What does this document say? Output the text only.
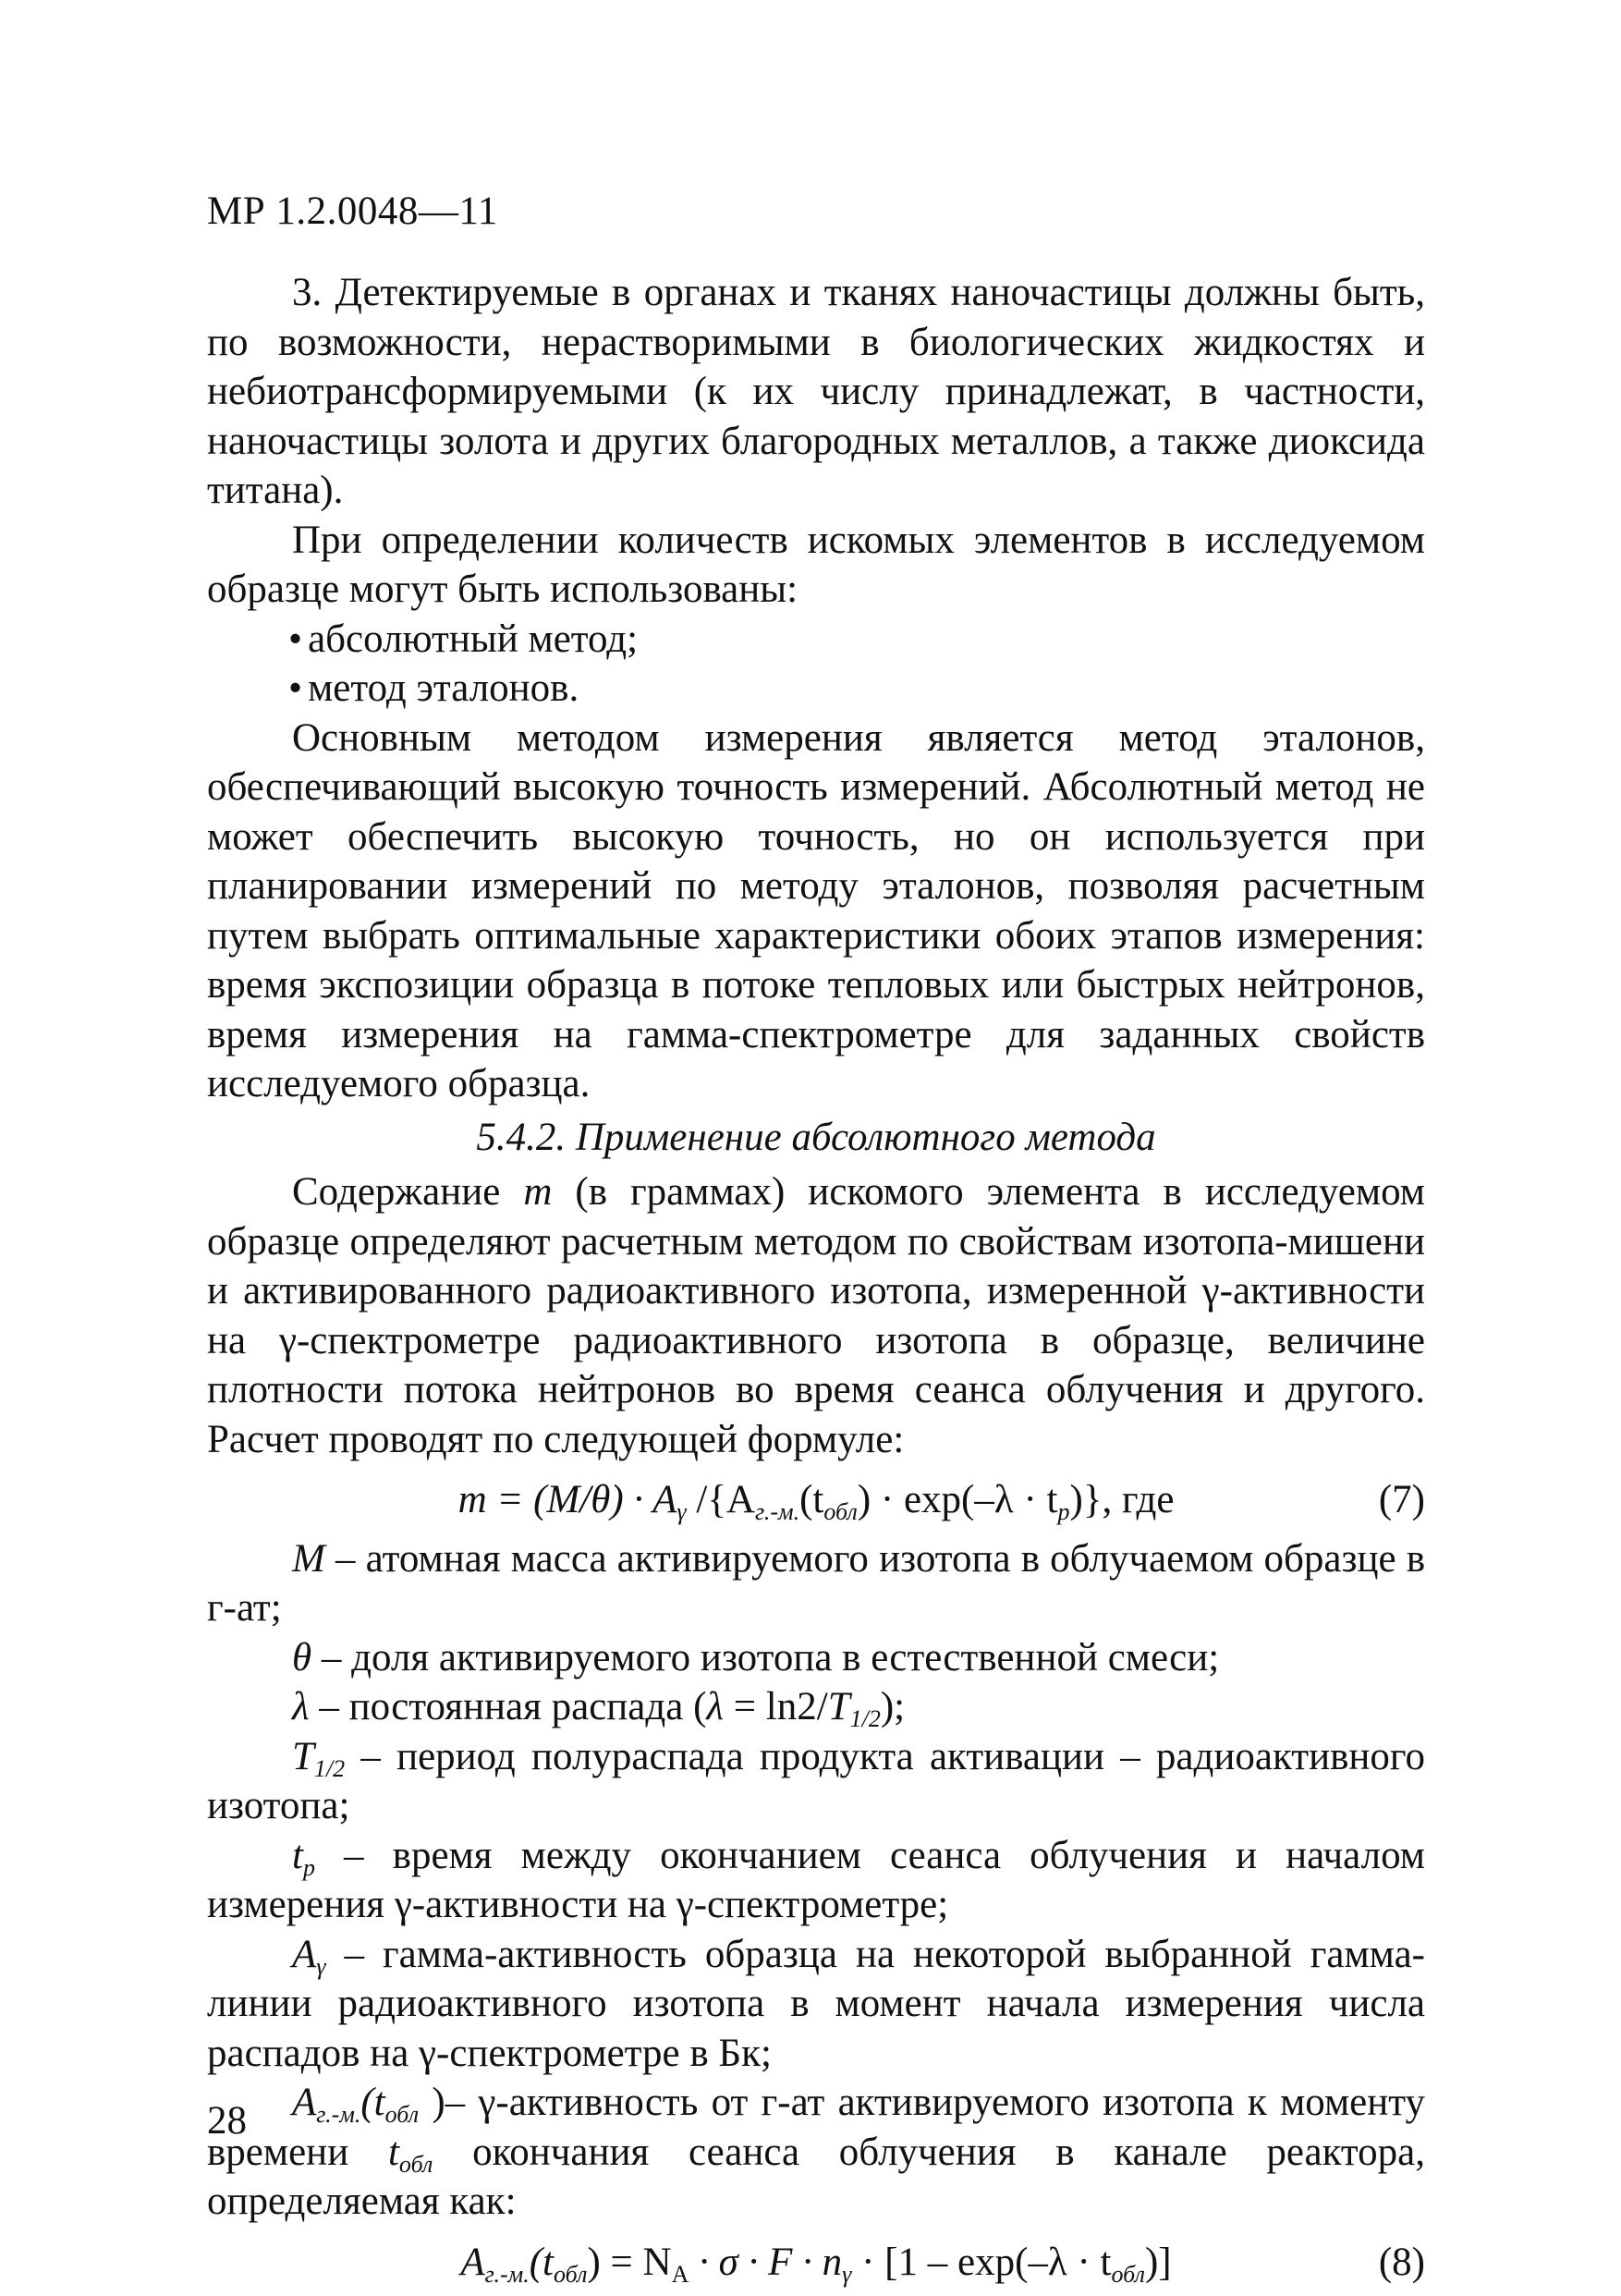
МР 1.2.0048—11

3. Детектируемые в органах и тканях наночастицы должны быть, по возможности, нерастворимыми в биологических жидкостях и небиотрансформируемыми (к их числу принадлежат, в частности, наночастицы золота и других благородных металлов, а также диоксида титана).

При определении количеств искомых элементов в исследуемом образце могут быть использованы:

• абсолютный метод;

• метод эталонов.

Основным методом измерения является метод эталонов, обеспечивающий высокую точность измерений. Абсолютный метод не может обеспечить высокую точность, но он используется при планировании измерений по методу эталонов, позволяя расчетным путем выбрать оптимальные характеристики обоих этапов измерения: время экспозиции образца в потоке тепловых или быстрых нейтронов, время измерения на гамма-спектрометре для заданных свойств исследуемого образца.

5.4.2. Применение абсолютного метода

Содержание m (в граммах) искомого элемента в исследуемом образце определяют расчетным методом по свойствам изотопа-мишени и активированного радиоактивного изотопа, измеренной γ-активности на γ-спектрометре радиоактивного изотопа в образце, величине плотности потока нейтронов во время сеанса облучения и другого. Расчет проводят по следующей формуле:

$m = (M/\theta) \cdot A_\gamma$ $/\{A_{г.-м.}(t_{обл}) \cdot \exp(-\lambda \cdot t_р)\}$, где	(7)

M – атомная масса активируемого изотопа в облучаемом образце в г-ат;

θ – доля активируемого изотопа в естественной смеси;

λ – постоянная распада $(\lambda = \ln 2/T_{1/2})$;

$T_{1/2}$ – период полураспада продукта активации – радиоактивного изотопа;

$t_р$ – время между окончанием сеанса облучения и началом измерения γ-активности на γ-спектрометре;

$A_\gamma$ – гамма-активность образца на некоторой выбранной гамма-линии радиоактивного изотопа в момент начала измерения числа распадов на γ-спектрометре в Бк;

$A_{г.-м.}(t_{обл}$ )– γ-активность от г-ат активируемого изотопа к моменту времени $t_{обл}$ окончания сеанса облучения в канале реактора, определяемая как:

$A_{г.-м.}(t_{обл}) = N_A \cdot \sigma \cdot F \cdot n_\gamma \cdot [1 - \exp(-\lambda \cdot t_{обл})]$	(8)

28
